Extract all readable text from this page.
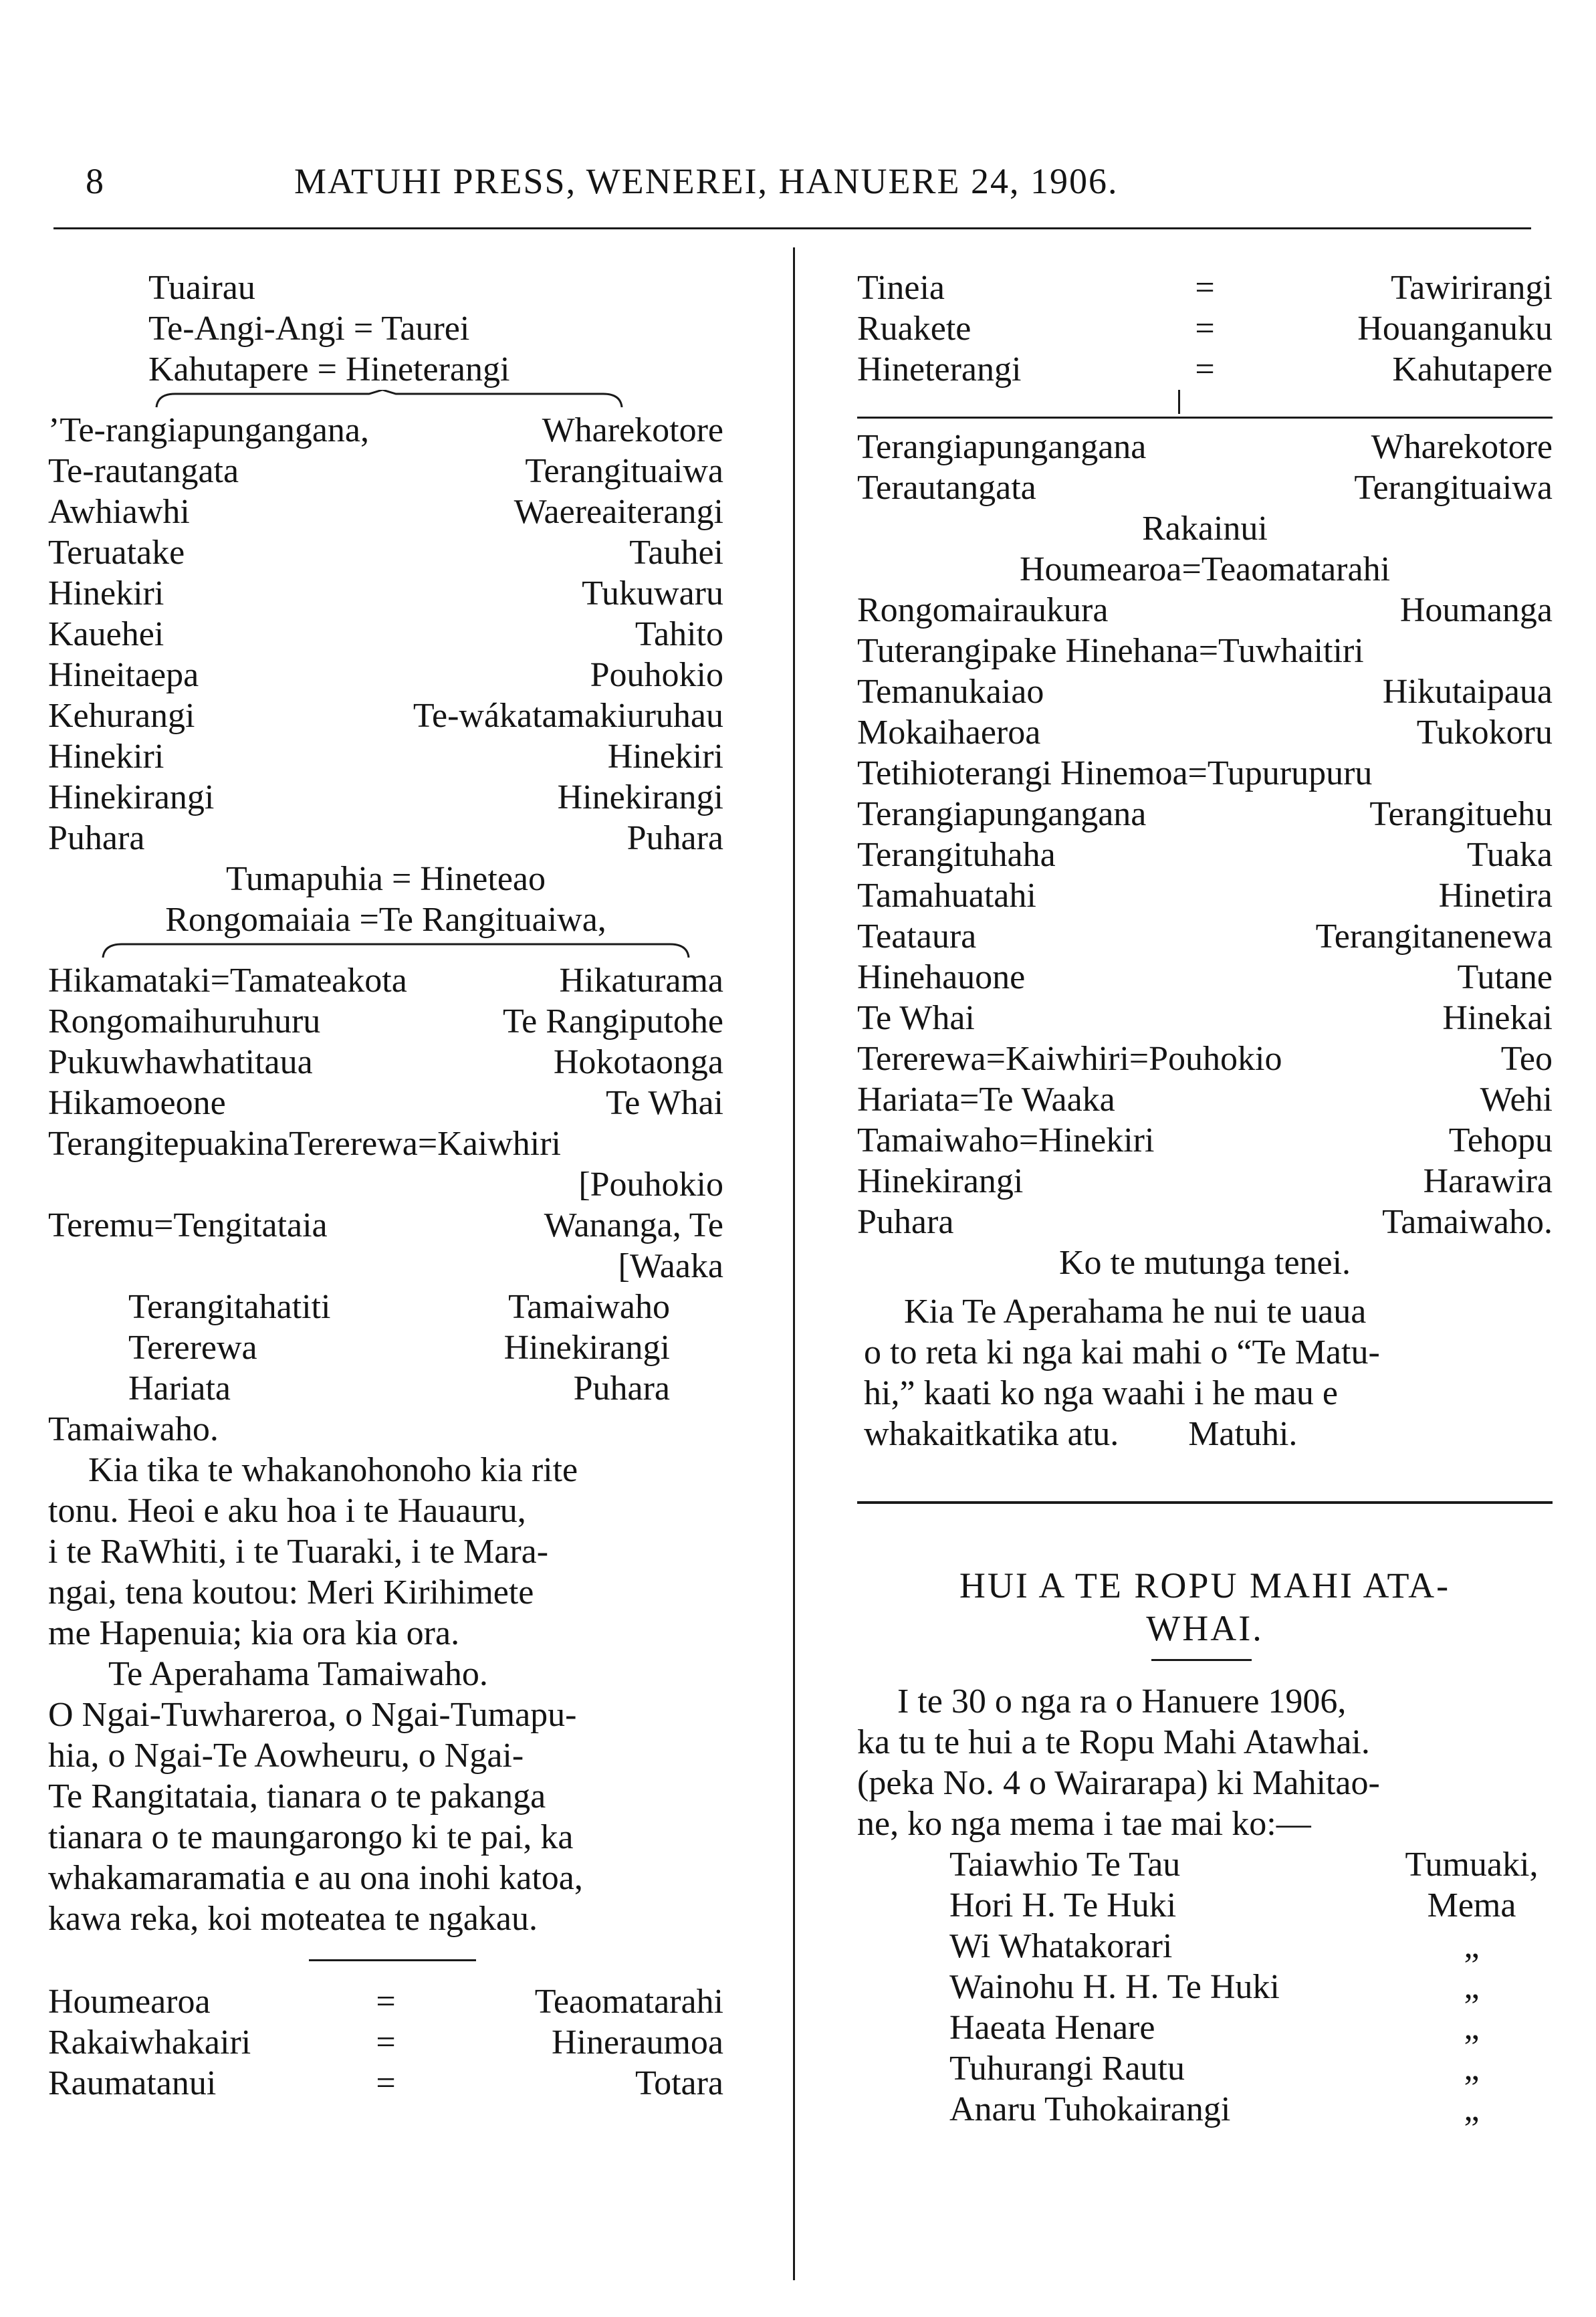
8	MATUHI PRESS, WENEREI, HANUERE 24, 1906.
Tuairau
Te-Angi-Angi = Taurei
Kahutapere = Hineterangi
’Te-rangiapungangana,	Wharekotore
Te-rautangata	Terangituaiwa
Awhiawhi	Waereaiterangi
Teruatake	Tauhei
Hinekiri	Tukuwaru
Kauehei	Tahito
Hineitaepa	Pouhokio
Kehurangi	Te-wákatamakiuruhau
Hinekiri	Hinekiri
Hinekirangi	Hinekirangi
Puhara	Puhara
Tumapuhia = Hineteao
Rongomaiaia =Te Rangituaiwa,
Hikamataki=Tamateakota	Hikaturama
Rongomaihuruhuru	Te Rangiputohe
Pukuwhawhatitaua	Hokotaonga
Hikamoeone	Te Whai
TerangitepuakinaTererewa=Kaiwhiri
[Pouhokio
Teremu=Tengitataia	Wananga, Te
[Waaka
Terangitahatiti	Tamaiwaho
Tererewa	Hinekirangi
Hariata	Puhara
Tamaiwaho.
Kia tika te whakanohonoho kia rite
tonu. Heoi e aku hoa i te Hauauru,
i te RaWhiti, i te Tuaraki, i te Mara-
ngai, tena koutou: Meri Kirihimete
me Hapenuia; kia ora kia ora.
Te Aperahama Tamaiwaho.
O Ngai-Tuwhareroa, o Ngai-Tumapu-
hia, o Ngai-Te Aowheuru, o Ngai-
Te Rangitataia, tianara o te pakanga
tianara o te maungarongo ki te pai, ka
whakamaramatia e au ona inohi katoa,
kawa reka, koi moteatea te ngakau.
Houmearoa	=	Teaomatarahi
Rakaiwhakairi	=	Hineraumoa
Raumatanui	=	Totara
Tineia	=	Tawirirangi
Ruakete	=	Houanganuku
Hineterangi	=	Kahutapere
Terangiapungangana	Wharekotore
Terautangata	Terangituaiwa
Rakainui
Houmearoa=Teaomatarahi
Rongomairaukura	Houmanga
Tuterangipake Hinehana=Tuwhaitiri
Temanukaiao	Hikutaipaua
Mokaihaeroa	Tukokoru
Tetihioterangi Hinemoa=Tupurupuru
Terangiapungangana	Terangituehu
Terangituhaha	Tuaka
Tamahuatahi	Hinetira
Teataura	Terangitanenewa
Hinehauone	Tutane
Te Whai	Hinekai
Tererewa=Kaiwhiri=Pouhokio	Teo
Hariata=Te Waaka	Wehi
Tamaiwaho=Hinekiri	Tehopu
Hinekirangi	Harawira
Puhara	Tamaiwaho.
Ko te mutunga tenei.
Kia Te Aperahama he nui te uaua
o to reta ki nga kai mahi o “Te Matu-
hi,” kaati ko nga waahi i he mau e
whakaitkatika atu.        Matuhi.
HUI A TE ROPU MAHI ATA-
WHAI.
I te 30 o nga ra o Hanuere 1906,
ka tu te hui a te Ropu Mahi Atawhai.
(peka No. 4 o Wairarapa) ki Mahitao-
ne, ko nga mema i tae mai ko:—
Taiawhio Te Tau	Tumuaki,
Hori H. Te Huki	Mema
Wi Whatakorari	„
Wainohu H. H. Te Huki	„
Haeata Henare	„
Tuhurangi Rautu	„
Anaru Tuhokairangi	„
